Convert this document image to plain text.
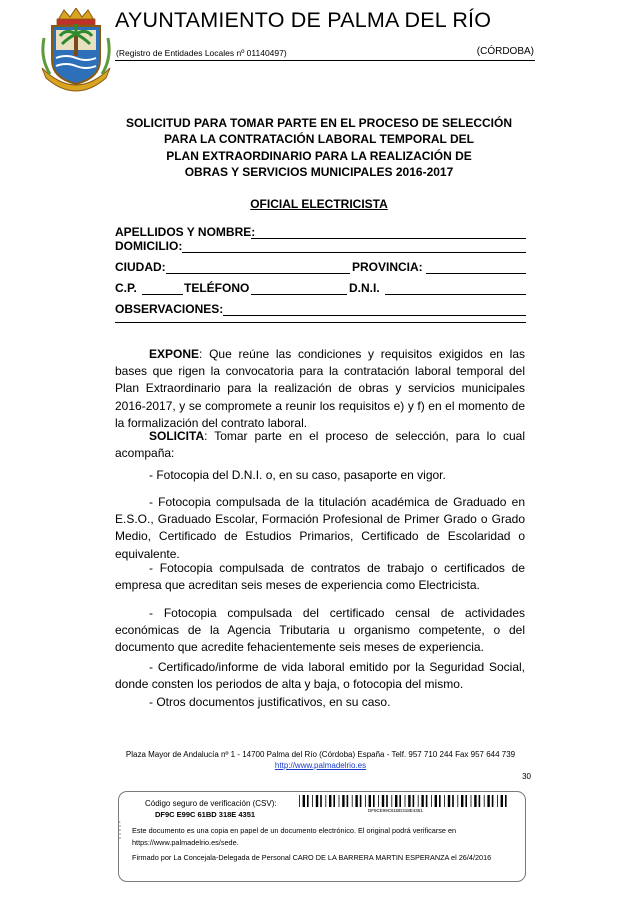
AYUNTAMIENTO DE PALMA DEL RÍO
(Registro de Entidades Locales nº 01140497)	(CÓRDOBA)
SOLICITUD PARA TOMAR PARTE EN EL PROCESO DE SELECCIÓN
PARA LA CONTRATACIÓN LABORAL TEMPORAL DEL
PLAN EXTRAORDINARIO PARA LA REALIZACIÓN DE
OBRAS Y SERVICIOS MUNICIPALES 2016-2017
OFICIAL ELECTRICISTA
APELLIDOS Y NOMBRE:
DOMICILIO:
CIUDAD:	PROVINCIA:
C.P.	TELÉFONO	D.N.I.
OBSERVACIONES:
EXPONE: Que reúne las condiciones y requisitos exigidos en las bases que rigen la convocatoria para la contratación laboral temporal del Plan Extraordinario para la realización de obras y servicios municipales 2016-2017, y se compromete a reunir los requisitos e) y f) en el momento de la formalización del contrato laboral.
SOLICITA: Tomar parte en el proceso de selección, para lo cual acompaña:
- Fotocopia del D.N.I. o, en su caso, pasaporte en vigor.
- Fotocopia compulsada de la titulación académica de Graduado en E.S.O., Graduado Escolar, Formación Profesional de Primer Grado o Grado Medio, Certificado de Estudios Primarios, Certificado de Escolaridad o equivalente.
- Fotocopia compulsada de contratos de trabajo o certificados de empresa que acreditan seis meses de experiencia como Electricista.
- Fotocopia compulsada del certificado censal de actividades económicas de la Agencia Tributaria u organismo competente, o del documento que acredite fehacientemente seis meses de experiencia.
- Certificado/informe de vida laboral emitido por la Seguridad Social, donde consten los periodos de alta y baja, o fotocopia del mismo.
- Otros documentos justificativos, en su caso.
Plaza Mayor de Andalucía nº 1 - 14700 Palma del Río (Córdoba) España - Telf. 957 710 244 Fax 957 644 739
http://www.palmadelrio.es
30
1 4 0 4 3
Código seguro de verificación (CSV):
DF9C E99C 61BD 318E 4351	DF9CE99C61BD318E4351
Este documento es una copia en papel de un documento electrónico. El original podrá verificarse en
https://www.palmadelrio.es/sede.
Firmado por La Concejala-Delegada de Personal CARO DE LA BARRERA MARTIN ESPERANZA el 26/4/2016
